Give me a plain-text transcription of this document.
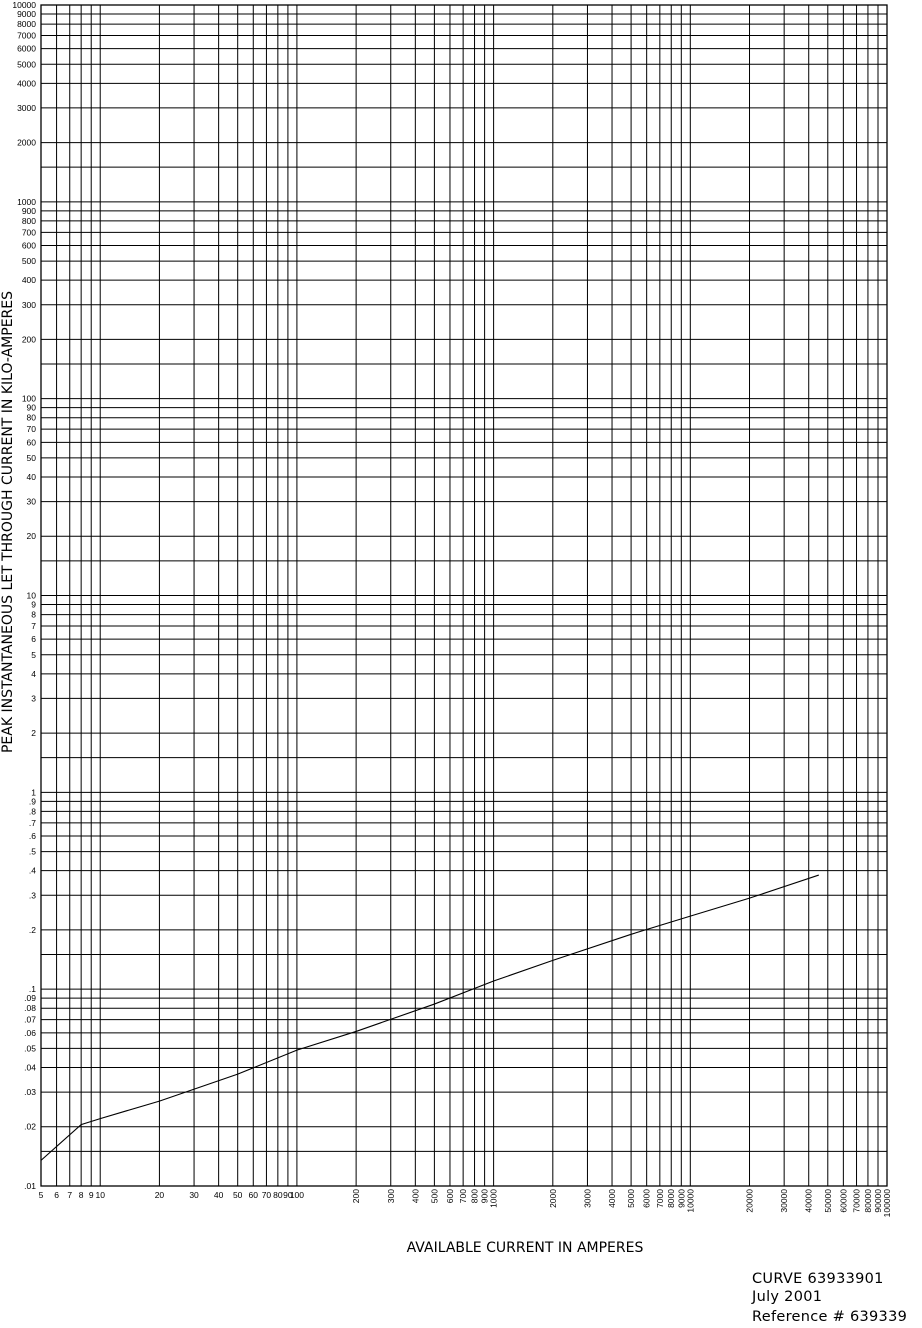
.01
.02
.03
.04
.05
.06
.07
.08
.09
.1
.2
.3
.4
.5
.6
.7
.8
.9
1
2
3
4
5
6
7
8
9
10
20
30
40
50
60
70
80
90
100
200
300
400
500
600
700
800
900
1000
2000
3000
4000
5000
6000
7000
8000
9000
10000
5 6 7 8 9 10	20	30 40 50 60 70 80 90
100	200	300 400 500 600 700 800 900 1000	2000	3000 4000 5000 6000 7000 8000 9000 10000	20000	30000 40000 50000 60000 70000 80000 90000 100000
PEAK INSTANTANEOUS LET THROUGH CURRENT IN KILO-AMPERES
AVAILABLE CURRENT IN AMPERES
CURVE 63933901
July 2001
Reference # 639339
